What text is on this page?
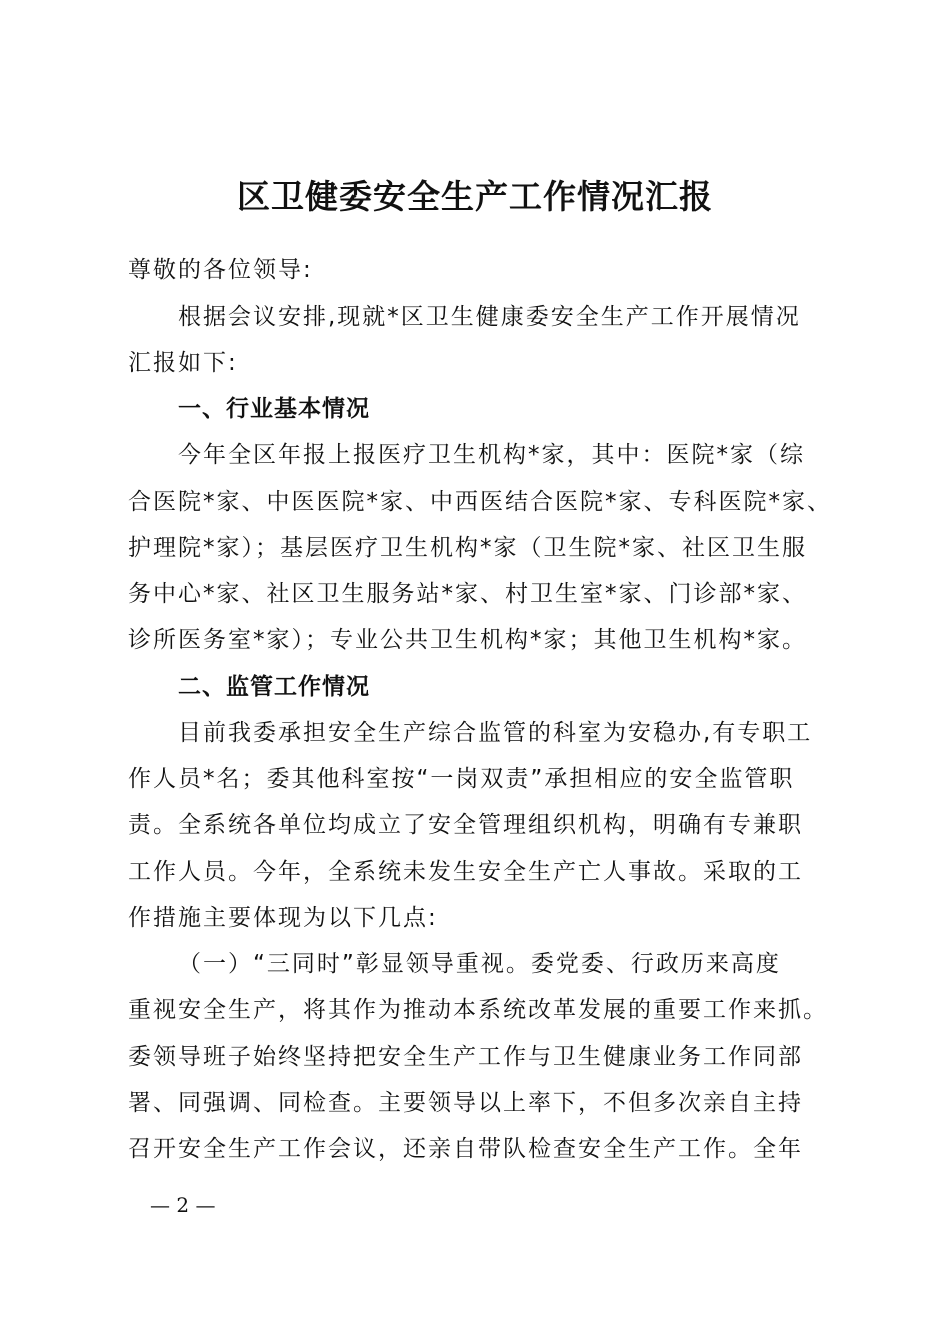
区卫健委安全生产工作情况汇报
尊敬的各位领导:
根据会议安排,现就*区卫生健康委安全生产工作开展情况
汇报如下:
一、行业基本情况
今年全区年报上报医疗卫生机构*家，其中：医院*家（综
合医院*家、中医医院*家、中西医结合医院*家、专科医院*家、
护理院*家）；基层医疗卫生机构*家（卫生院*家、社区卫生服
务中心*家、社区卫生服务站*家、村卫生室*家、门诊部*家、
诊所医务室*家）；专业公共卫生机构*家；其他卫生机构*家。
二、监管工作情况
目前我委承担安全生产综合监管的科室为安稳办,有专职工
作人员*名；委其他科室按“一岗双责”承担相应的安全监管职
责。全系统各单位均成立了安全管理组织机构，明确有专兼职
工作人员。今年，全系统未发生安全生产亡人事故。采取的工
作措施主要体现为以下几点:
（一）“三同时”彰显领导重视。委党委、行政历来高度
重视安全生产，将其作为推动本系统改革发展的重要工作来抓。
委领导班子始终坚持把安全生产工作与卫生健康业务工作同部
署、同强调、同检查。主要领导以上率下，不但多次亲自主持
召开安全生产工作会议，还亲自带队检查安全生产工作。全年
— 2 —
